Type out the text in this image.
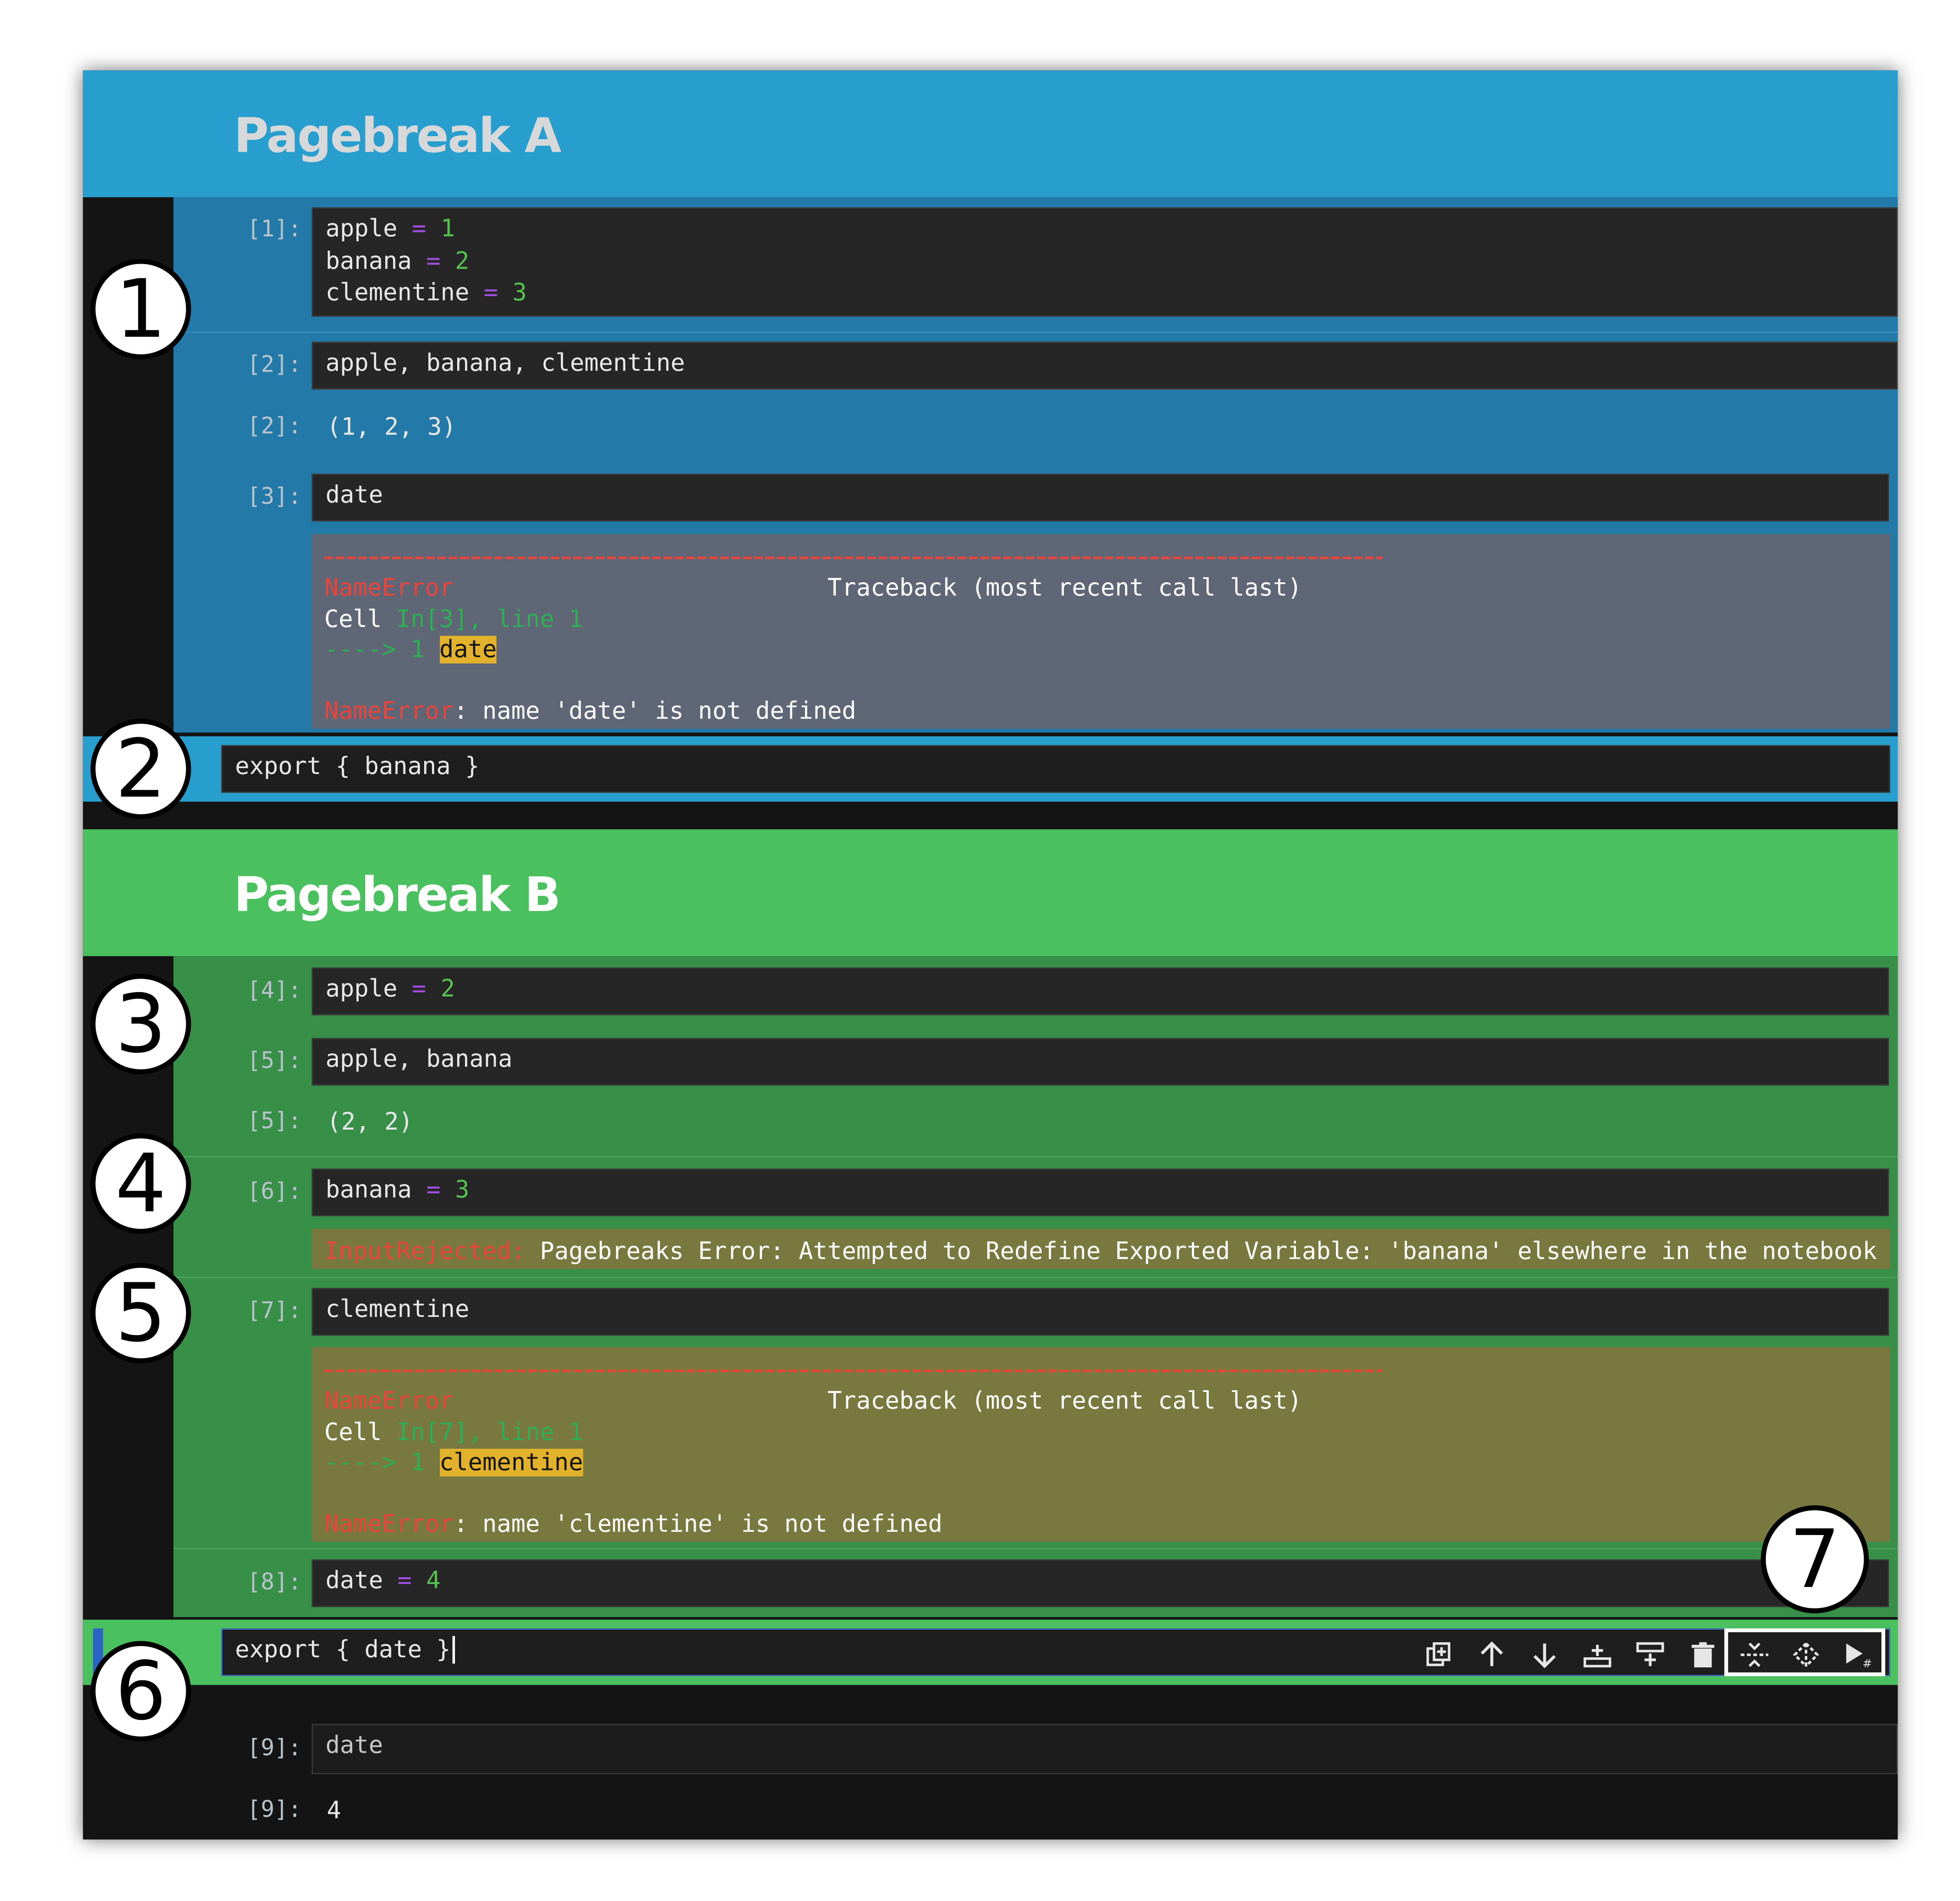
Pagebreak A
[1]:	apple = 1
banana = 2
clementine = 3
[2]:	apple, banana, clementine
[2]:	(1, 2, 3)
[3]:	date
NameError	Traceback (most recent call last)
Cell In[3], line 1
----> 1 date

NameError: name 'date' is not defined
export { banana }
Pagebreak B
[4]:	apple = 2
[5]:	apple, banana
[5]:	(2, 2)
[6]:	banana = 3
InputRejected: Pagebreaks Error: Attempted to Redefine Exported Variable: 'banana' elsewhere in the notebook
[7]:	clementine
NameError	Traceback (most recent call last)
Cell In[7], line 1
----> 1 clementine

NameError: name 'clementine' is not defined
[8]:	date = 4
export { date }
[9]:	date
[9]:	4
#
1
2
3
4
5
6
7
